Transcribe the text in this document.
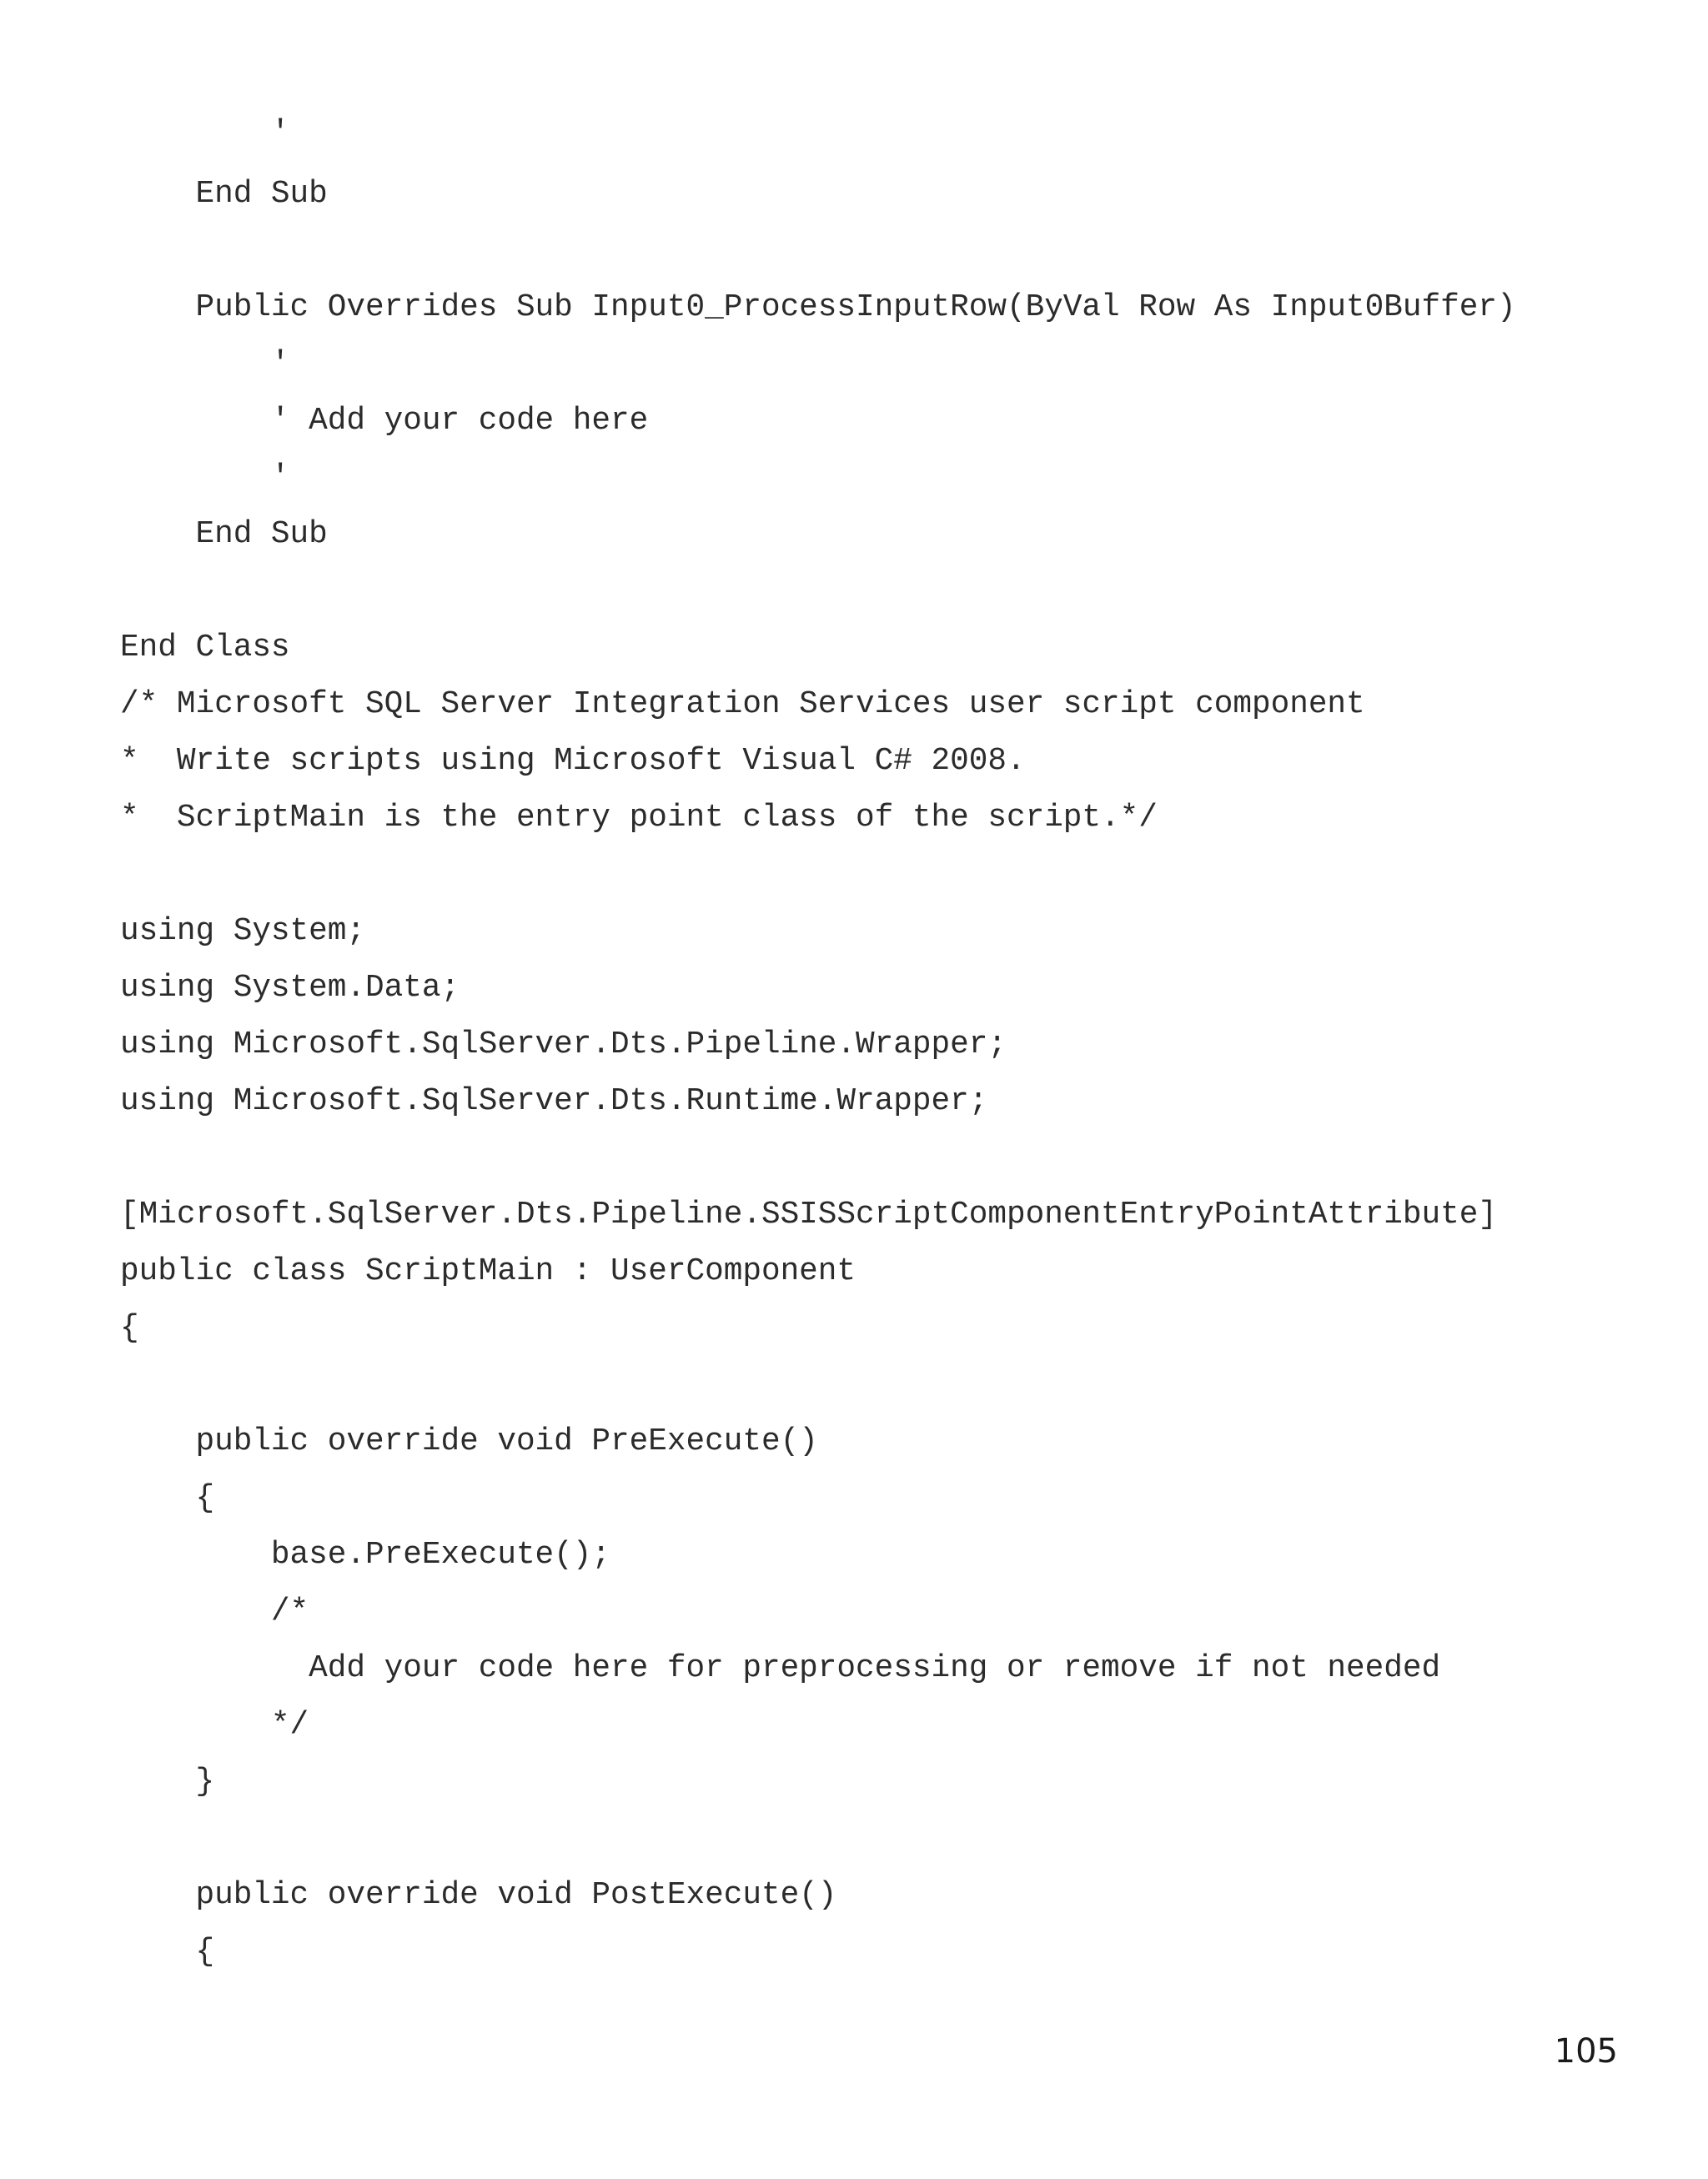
'
End Sub
Public Overrides Sub Input0_ProcessInputRow(ByVal Row As Input0Buffer)
'
' Add your code here
'
End Sub
End Class
/* Microsoft SQL Server Integration Services user script component
*  Write scripts using Microsoft Visual C# 2008.
*  ScriptMain is the entry point class of the script.*/
using System;
using System.Data;
using Microsoft.SqlServer.Dts.Pipeline.Wrapper;
using Microsoft.SqlServer.Dts.Runtime.Wrapper;
[Microsoft.SqlServer.Dts.Pipeline.SSISScriptComponentEntryPointAttribute]
public class ScriptMain : UserComponent
{
public override void PreExecute()
{
base.PreExecute();
/*
Add your code here for preprocessing or remove if not needed
*/
}
public override void PostExecute()
{
105
